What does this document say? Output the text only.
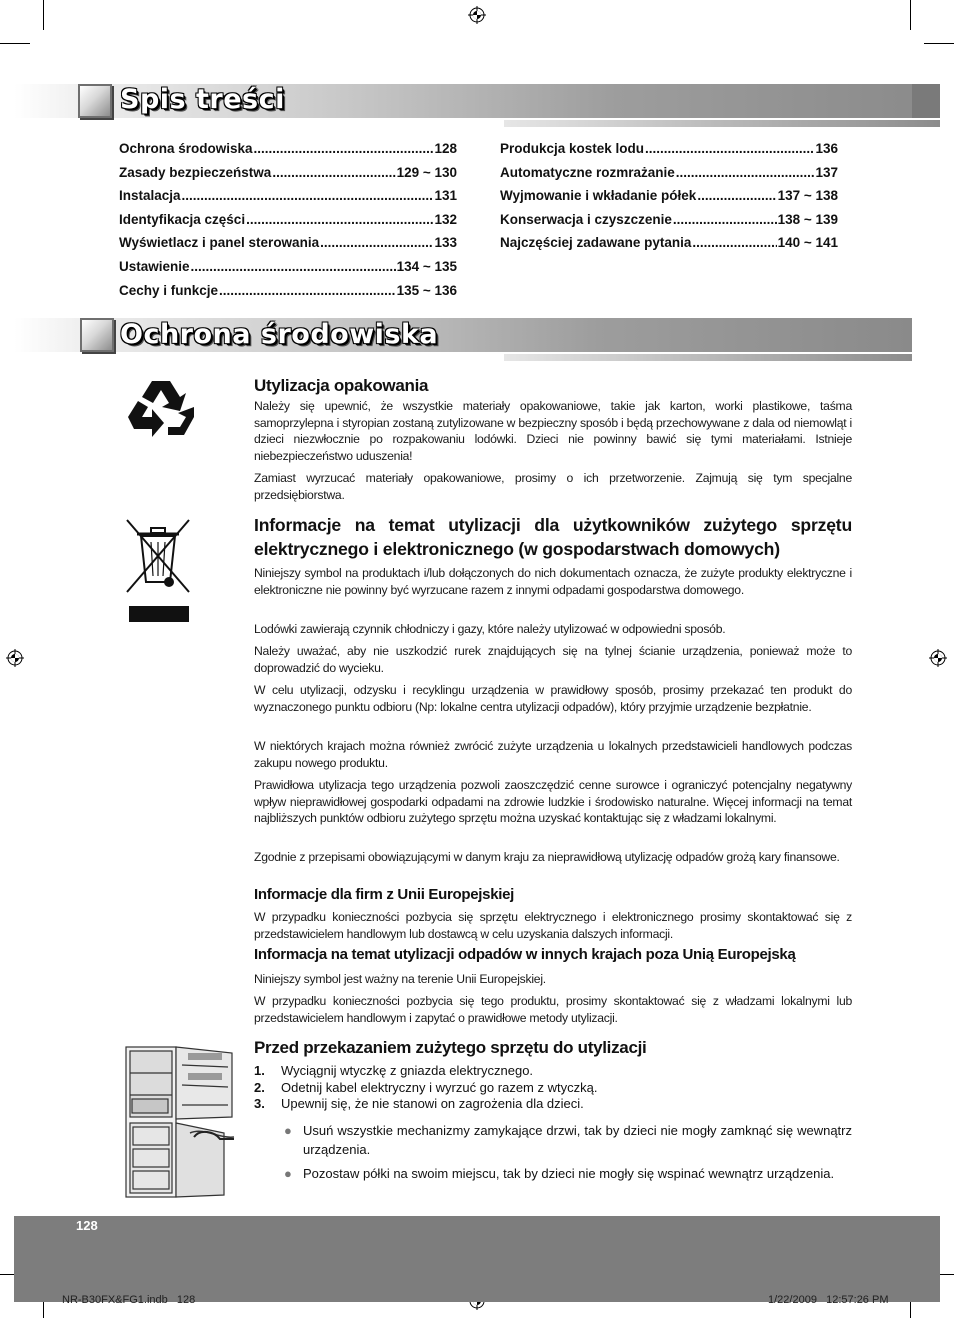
Spis treści
Ochrona środowiska .....	128
Zasady bezpieczeństwa .....	129 ~ 130
Instalacja .....	131
Identyfikacja części .....	132
Wyświetlacz i panel sterowania .....	133
Ustawienie .....	134 ~ 135
Cechy i funkcje .....	135 ~ 136
Produkcja kostek lodu .....	136
Automatyczne rozmrażanie .....	137
Wyjmowanie i wkładanie półek .....	137 ~ 138
Konserwacja i czyszczenie .....	138 ~ 139
Najczęściej zadawane pytania .....	140 ~ 141
Ochrona środowiska
Utylizacja opakowania
Należy się upewnić, że wszystkie materiały opakowaniowe, takie jak karton, worki plastikowe, taśma samoprzylepna i styropian zostaną zutylizowane w bezpieczny sposób i będą przechowywane z dala od niemowląt i dzieci niezwłocznie po rozpakowaniu lodówki. Dzieci nie powinny bawić się tymi materiałami. Istnieje niebezpieczeństwo uduszenia!
Zamiast wyrzucać materiały opakowaniowe, prosimy o ich przetworzenie. Zajmują się tym specjalne przedsiębiorstwa.
Informacje na temat utylizacji dla użytkowników zużytego sprzętu elektrycznego i elektronicznego (w gospodarstwach domowych)
Niniejszy symbol na produktach i/lub dołączonych do nich dokumentach oznacza, że zużyte produkty elektryczne i elektroniczne nie powinny być wyrzucane razem z innymi odpadami gospodarstwa domowego.
Lodówki zawierają czynnik chłodniczy i gazy, które należy utylizować w odpowiedni sposób.
Należy uważać, aby nie uszkodzić rurek znajdujących się na tylnej ścianie urządzenia, ponieważ może to doprowadzić do wycieku.
W celu utylizacji, odzysku i recyklingu urządzenia w prawidłowy sposób, prosimy przekazać ten produkt do wyznaczonego punktu odbioru (Np: lokalne centra utylizacji odpadów), który przyjmie urządzenie bezpłatnie.
W niektórych krajach można również zwrócić zużyte urządzenia u lokalnych przedstawicieli handlowych podczas zakupu nowego produktu.
Prawidłowa utylizacja tego urządzenia pozwoli zaoszczędzić cenne surowce i ograniczyć potencjalny negatywny wpływ nieprawidłowej gospodarki odpadami na zdrowie ludzkie i środowisko naturalne. Więcej informacji na temat najbliższych punktów odbioru zużytego sprzętu można uzyskać kontaktując się z władzami lokalnymi.
Zgodnie z przepisami obowiązującymi w danym kraju za nieprawidłową utylizację odpadów grożą kary finansowe.
Informacje dla firm z Unii Europejskiej
W przypadku konieczności pozbycia się sprzętu elektrycznego i elektronicznego prosimy skontaktować się z przedstawicielem handlowym lub dostawcą w celu uzyskania dalszych informacji.
Informacja na temat utylizacji odpadów w innych krajach poza Unią Europejską
Niniejszy symbol jest ważny na terenie Unii Europejskiej.
W przypadku konieczności pozbycia się tego produktu, prosimy skontaktować się z władzami lokalnymi lub przedstawicielem handlowym i zapytać o prawidłowe metody utylizacji.
Przed przekazaniem zużytego sprzętu do utylizacji
1.	Wyciągnij wtyczkę z gniazda elektrycznego.
2.	Odetnij kabel elektryczny i wyrzuć go razem z wtyczką.
3.	Upewnij się, że nie stanowi on zagrożenia dla dzieci.
● Usuń wszystkie mechanizmy zamykające drzwi, tak by dzieci nie mogły zamknąć się wewnątrz urządzenia.
● Pozostaw półki na swoim miejscu, tak by dzieci nie mogły się wspinać wewnątrz urządzenia.
128
NR-B30FX&FG1.indb   128	1/22/2009   12:57:26 PM
